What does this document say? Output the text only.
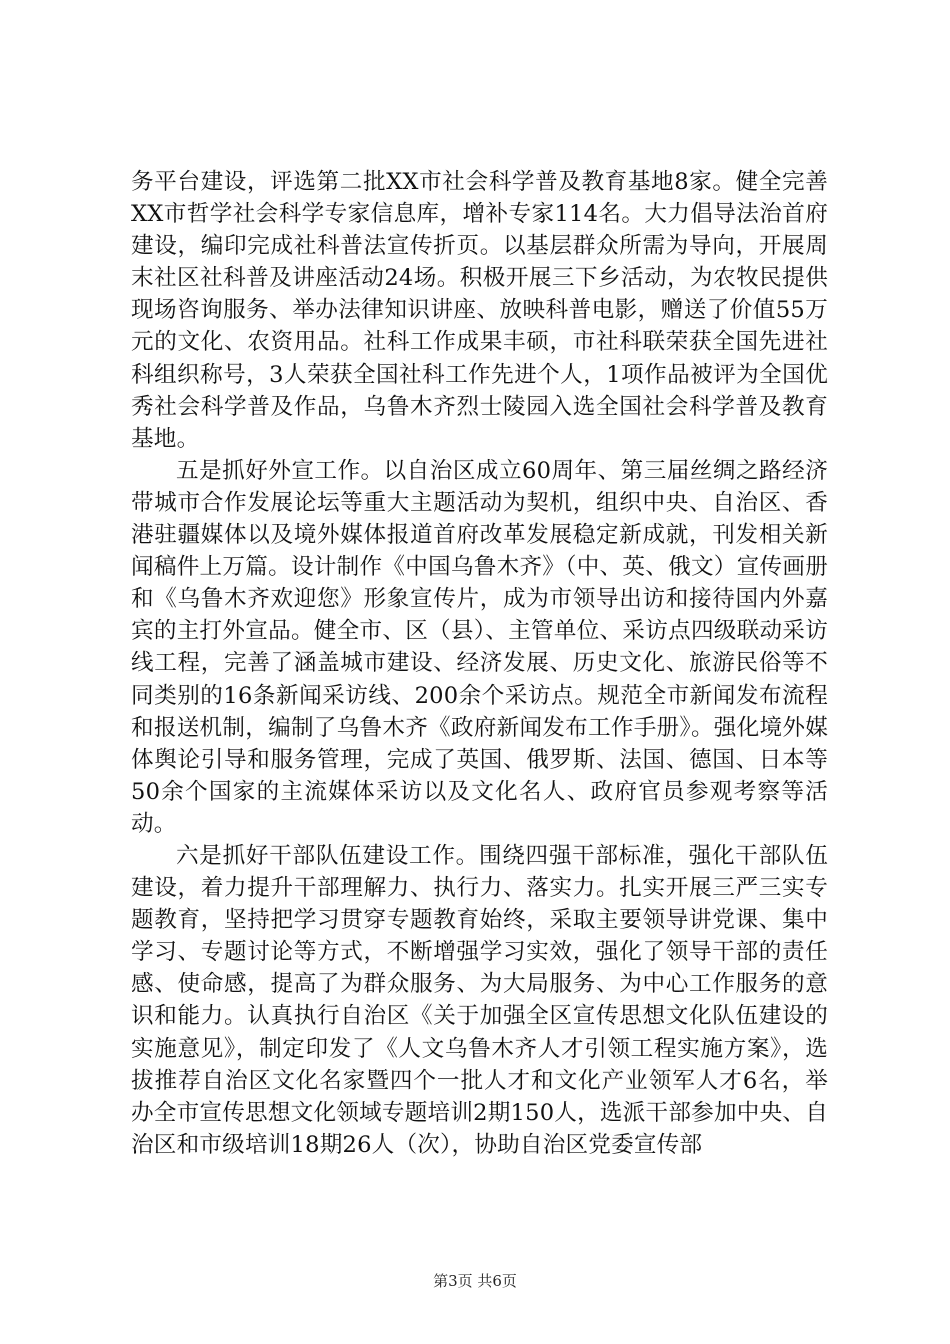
务平台建设，评选第二批XX市社会科学普及教育基地8家。健全完善XX市哲学社会科学专家信息库，增补专家114名。大力倡导法治首府建设，编印完成社科普法宣传折页。以基层群众所需为导向，开展周末社区社科普及讲座活动24场。积极开展三下乡活动，为农牧民提供现场咨询服务、举办法律知识讲座、放映科普电影，赠送了价值55万元的文化、农资用品。社科工作成果丰硕，市社科联荣获全国先进社科组织称号，3人荣获全国社科工作先进个人，1项作品被评为全国优秀社会科学普及作品，乌鲁木齐烈士陵园入选全国社会科学普及教育基地。

五是抓好外宣工作。以自治区成立60周年、第三届丝绸之路经济带城市合作发展论坛等重大主题活动为契机，组织中央、自治区、香港驻疆媒体以及境外媒体报道首府改革发展稳定新成就，刊发相关新闻稿件上万篇。设计制作《中国乌鲁木齐》（中、英、俄文）宣传画册和《乌鲁木齐欢迎您》形象宣传片，成为市领导出访和接待国内外嘉宾的主打外宣品。健全市、区（县）、主管单位、采访点四级联动采访线工程，完善了涵盖城市建设、经济发展、历史文化、旅游民俗等不同类别的16条新闻采访线、200余个采访点。规范全市新闻发布流程和报送机制，编制了乌鲁木齐《政府新闻发布工作手册》。强化境外媒体舆论引导和服务管理，完成了英国、俄罗斯、法国、德国、日本等50余个国家的主流媒体采访以及文化名人、政府官员参观考察等活动。

六是抓好干部队伍建设工作。围绕四强干部标准，强化干部队伍建设，着力提升干部理解力、执行力、落实力。扎实开展三严三实专题教育，坚持把学习贯穿专题教育始终，采取主要领导讲党课、集中学习、专题讨论等方式，不断增强学习实效，强化了领导干部的责任感、使命感，提高了为群众服务、为大局服务、为中心工作服务的意识和能力。认真执行自治区《关于加强全区宣传思想文化队伍建设的实施意见》，制定印发了《人文乌鲁木齐人才引领工程实施方案》，选拔推荐自治区文化名家暨四个一批人才和文化产业领军人才6名，举办全市宣传思想文化领域专题培训2期150人，选派干部参加中央、自治区和市级培训18期26人（次），协助自治区党委宣传部

第3页 共6页
